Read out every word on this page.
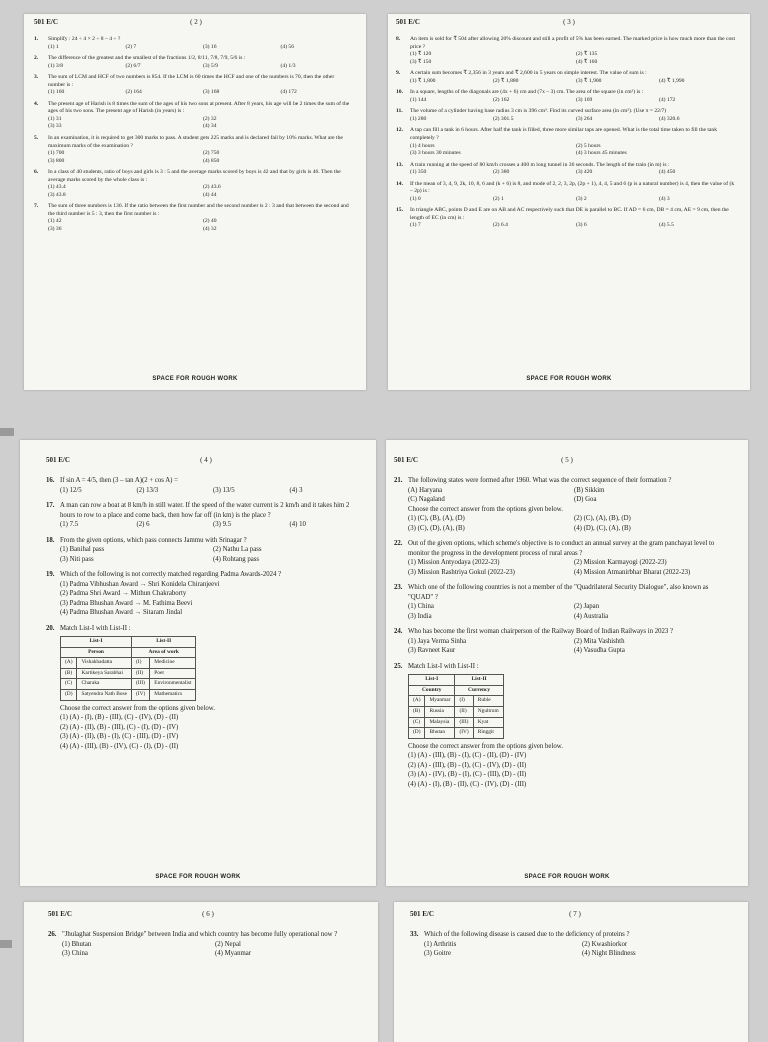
501 E/C	( 2 )
1. Simplify : 24 ÷ 4 × 2 ÷ 8 – 4 ÷ ?
(1) 1	(2) 7	(3) 16	(4) 56
2. The difference of the greatest and the smallest of the fractions 1/2, 8/11, 7/8, 7/9, 5/6 is :
(1) 3/8	(2) 6/7	(3) 5/9	(4) 1/3
3. The sum of LCM and HCF of two numbers is 854. If the LCM is 60 times the HCF and one of the numbers is 70, then the other number is :
(1) 160	(2) 164	(3) 168	(4) 172
4. The present age of Harish is 8 times the sum of the ages of his two sons at present. After 8 years, his age will be 2 times the sum of the ages of his two sons. The present age of Harish (in years) is :
(1) 31	(2) 32
(3) 33	(4) 34
5. In an examination, it is required to get 300 marks to pass. A student gets 225 marks and is declared fail by 10% marks. What are the maximum marks of the examination ?
(1) 700	(2) 750
(3) 800	(4) 850
6. In a class of 40 students, ratio of boys and girls is 3 : 5 and the average marks scored by boys is 42 and that by girls is 46. Then the average marks scored by the whole class is :
(1) 43.4	(2) 43.6
(3) 43.8	(4) 44
7. The sum of three numbers is 136. If the ratio between the first number and the second number is 2 : 3 and that between the second and the third number is 5 : 3, then the first number is :
(1) 42	(2) 40
(3) 36	(4) 32
SPACE FOR ROUGH WORK
501 E/C	( 3 )
8. An item is sold for ₹ 504 after allowing 20% discount and still a profit of 5% has been earned. The marked price is how much more than the cost price ?
(1) ₹ 120	(2) ₹ 135
(3) ₹ 150	(4) ₹ 160
9. A certain sum becomes ₹ 2,356 in 3 years and ₹ 2,600 in 5 years on simple interest. The value of sum is :
(1) ₹ 1,800	(2) ₹ 1,880	(3) ₹ 1,900	(4) ₹ 1,990
10. In a square, lengths of the diagonals are (4x + 6) cm and (7x – 3) cm. The area of the square (in cm²) is :
(1) 144	(2) 162	(3) 169	(4) 172
11. The volume of a cylinder having base radius 3 cm is 396 cm³. Find its curved surface area (in cm²). (Use π = 22/7)
(1) 280	(2) 301.5	(3) 264	(4) 320.6
12. A tap can fill a tank in 6 hours. After half the tank is filled, three more similar taps are opened. What is the total time taken to fill the tank completely ?
(1) 4 hours	(2) 5 hours
(3) 3 hours 30 minutes	(4) 3 hours 45 minutes
13. A train running at the speed of 80 km/h crosses a 400 m long tunnel in 36 seconds. The length of the train (in m) is :
(1) 350	(2) 380	(3) 420	(4) 450
14. If the mean of 3, 4, 9, 2k, 10, 8, 6 and (k + 6) is 8, and mode of 2, 2, 3, 2p, (2p + 1), 4, 4, 5 and 6 (p is a natural number) is 4, then the value of (k – 2p) is :
(1) 0	(2) 1	(3) 2	(4) 3
15. In triangle ABC, points D and E are on AB and AC respectively such that DE is parallel to BC. If AD = 6 cm, DB = 4 cm, AE = 9 cm, then the length of EC (in cm) is :
(1) 7	(2) 6.4	(3) 6	(4) 5.5
SPACE FOR ROUGH WORK
501 E/C	( 4 )
16. If sin A = 4/5, then (3 – tan A)(2 + cos A) =
(1) 12/5	(2) 13/3	(3) 13/5	(4) 3
17. A man can row a boat at 8 km/h in still water. If the speed of the water current is 2 km/h and it takes him 2 hours to row to a place and come back, then how far off (in km) is the place ?
(1) 7.5	(2) 6	(3) 9.5	(4) 10
18. From the given options, which pass connects Jammu with Srinagar ?
(1) Banihal pass	(2) Nathu La pass
(3) Niti pass	(4) Rohtang pass
19. Which of the following is not correctly matched regarding Padma Awards-2024 ?
(1) Padma Vibhushan Award → Shri Konidela Chiranjeevi
(2) Padma Shri Award → Mithun Chakraborty
(3) Padma Bhushan Award → M. Fathima Beevi
(4) Padma Bhushan Award → Sitaram Jindal
20. Match List-I with List-II :
List-I		List-II	
Person		Area of work	
(A)	Vishakhadatta	(I)	Medicine
(B)	Kartikeya Sarabhai	(II)	Poet
(C)	Charaka	(III)	Environmentalist
(D)	Satyendra Nath Bose	(IV)	Mathematics
Choose the correct answer from the options given below.
(1) (A) - (I), (B) - (III), (C) - (IV), (D) - (II)
(2) (A) - (II), (B) - (III), (C) - (I), (D) - (IV)
(3) (A) - (II), (B) - (I), (C) - (III), (D) - (IV)
(4) (A) - (III), (B) - (IV), (C) - (I), (D) - (II)
SPACE FOR ROUGH WORK
501 E/C	( 5 )
21. The following states were formed after 1960. What was the correct sequence of their formation ?
(A) Haryana	(B) Sikkim
(C) Nagaland	(D) Goa
Choose the correct answer from the options given below.
(1) (C), (B), (A), (D)	(2) (C), (A), (B), (D)
(3) (C), (D), (A), (B)	(4) (D), (C), (A), (B)
22. Out of the given options, which scheme's objective is to conduct an annual survey at the gram panchayat level to monitor the progress in the development process of rural areas ?
(1) Mission Antyodaya (2022-23)	(2) Mission Karmayogi (2022-23)
(3) Mission Rashtriya Gokul (2022-23)	(4) Mission Atmanirbhar Bharat (2022-23)
23. Which one of the following countries is not a member of the "Quadrilateral Security Dialogue", also known as "QUAD" ?
(1) China	(2) Japan
(3) India	(4) Australia
24. Who has become the first woman chairperson of the Railway Board of Indian Railways in 2023 ?
(1) Jaya Verma Sinha	(2) Mita Vashishth
(3) Ravneet Kaur	(4) Vasudha Gupta
25. Match List-I with List-II :
List-I		List-II	
Country		Currency	
(A)	Myanmar	(I)	Ruble
(B)	Russia	(II)	Ngultrum
(C)	Malaysia	(III)	Kyat
(D)	Bhutan	(IV)	Ringgit
Choose the correct answer from the options given below.
(1) (A) - (III), (B) - (I), (C) - (II), (D) - (IV)
(2) (A) - (III), (B) - (I), (C) - (IV), (D) - (II)
(3) (A) - (IV), (B) - (I), (C) - (III), (D) - (II)
(4) (A) - (I), (B) - (II), (C) - (IV), (D) - (III)
SPACE FOR ROUGH WORK
501 E/C	( 6 )
26. "Jhulaghat Suspension Bridge" between India and which country has become fully operational now ?
(1) Bhutan	(2) Nepal
(3) China	(4) Myanmar
501 E/C	( 7 )
33. Which of the following disease is caused due to the deficiency of proteins ?
(1) Arthritis	(2) Kwashiorkor
(3) Goitre	(4) Night Blindness
